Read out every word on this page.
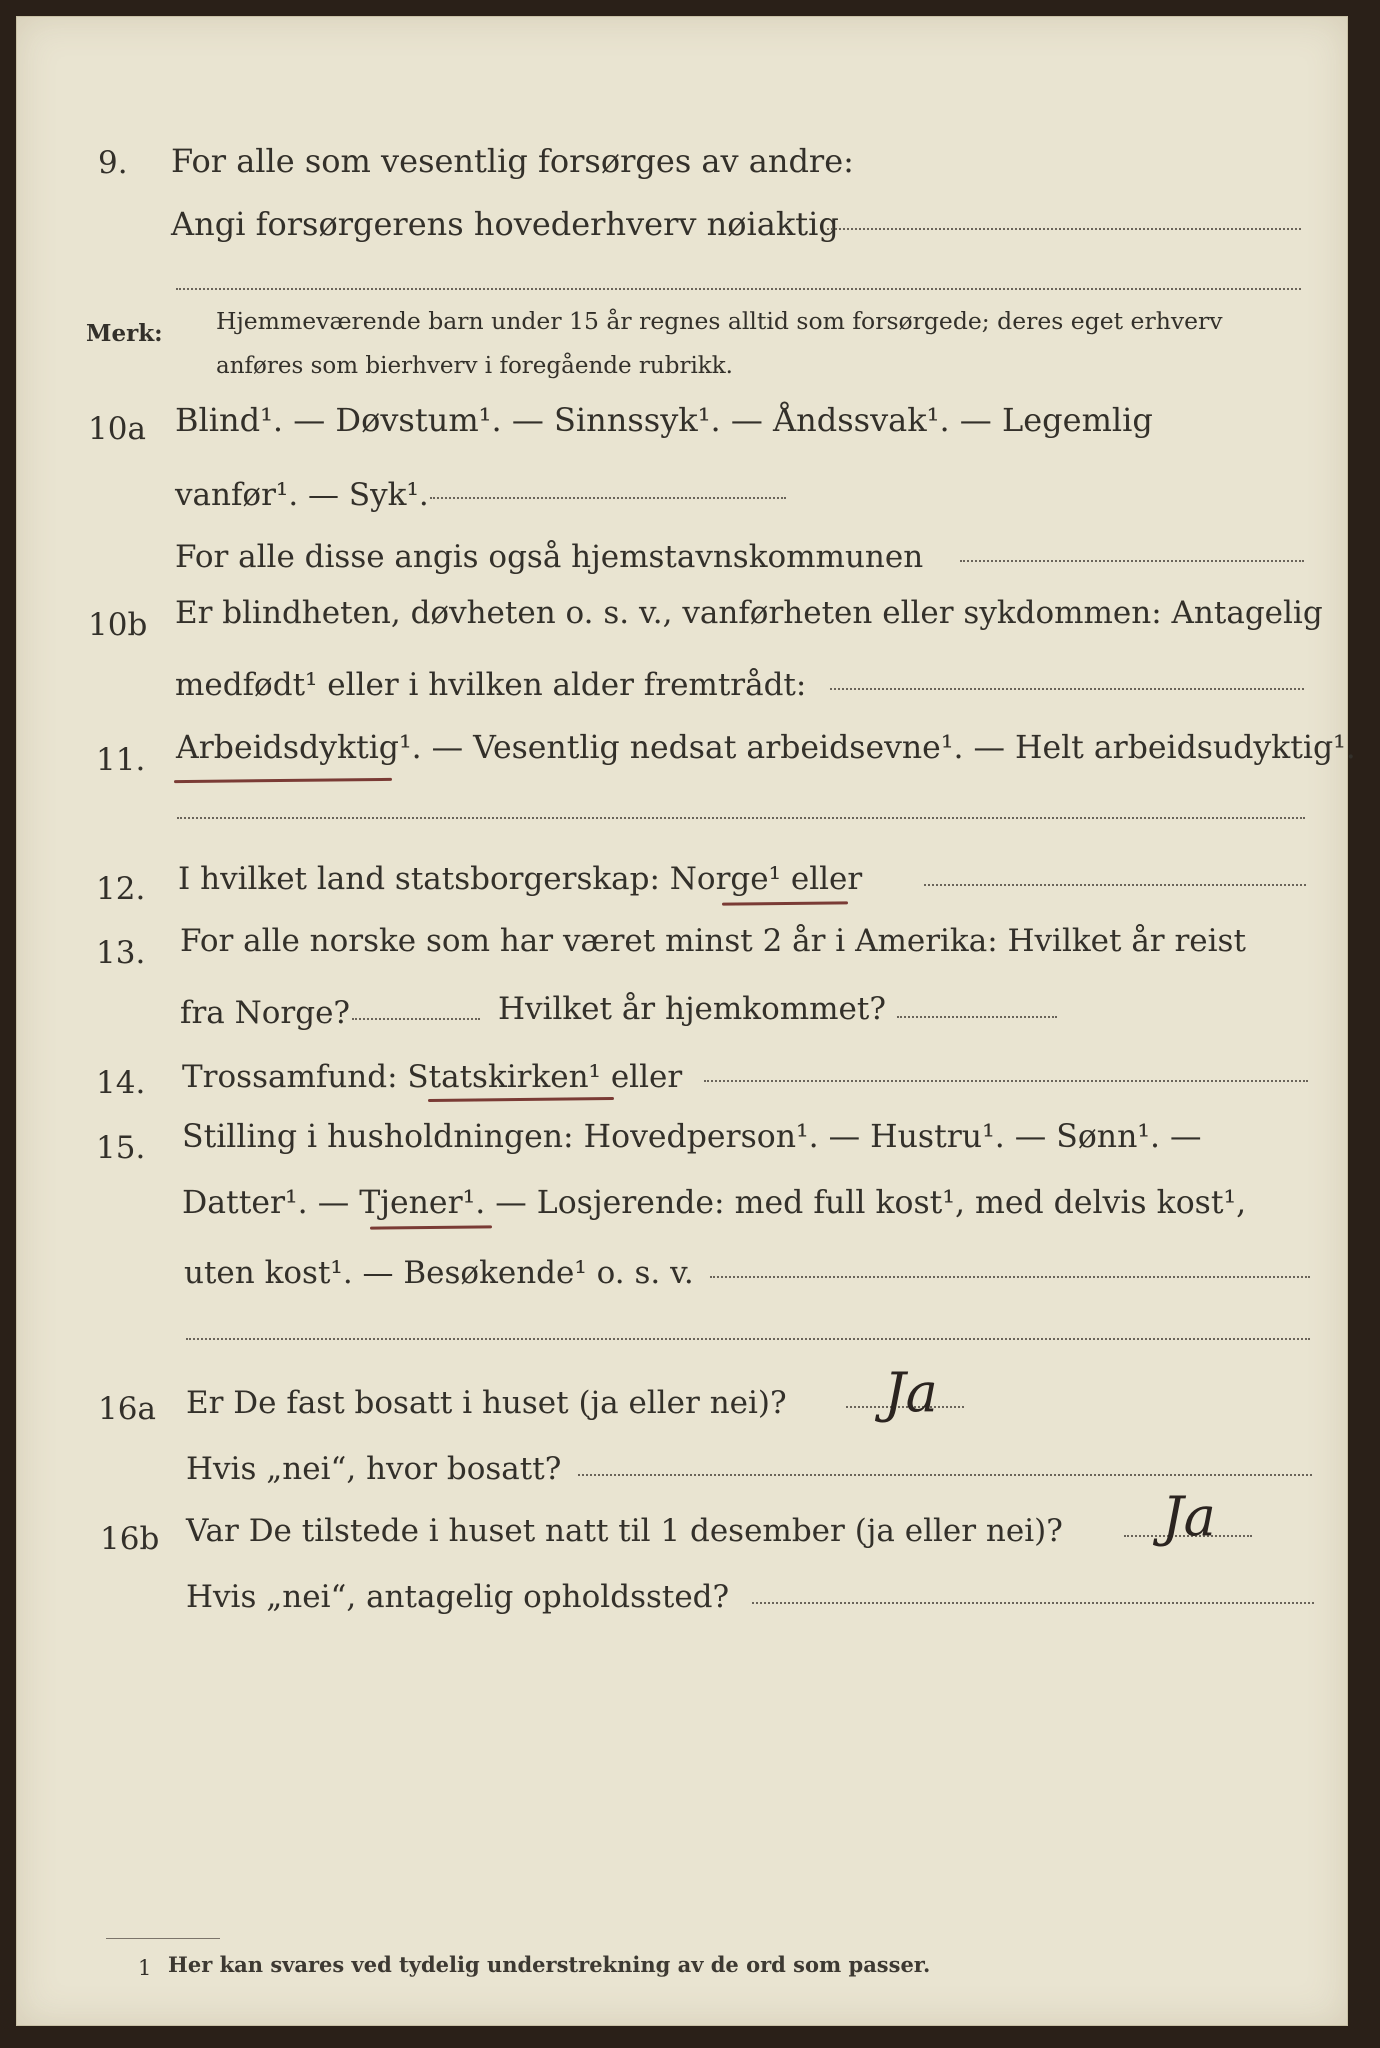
9. For alle som vesentlig forsørges av andre:
Angi forsørgerens hovederhverv nøiaktig
Merk: Hjemmeværende barn under 15 år regnes alltid som forsørgede; deres eget erhverv
anføres som bierhverv i foregående rubrikk.
10a Blind¹. — Døvstum¹. — Sinnssyk¹. — Åndssvak¹. — Legemlig
vanfør¹. — Syk¹.
For alle disse angis også hjemstavnskommunen
10b Er blindheten, døvheten o. s. v., vanførheten eller sykdommen: Antagelig
medfødt¹ eller i hvilken alder fremtrådt:
11. Arbeidsdyktig¹. — Vesentlig nedsat arbeidsevne¹. — Helt arbeidsudyktig¹.
12. I hvilket land statsborgerskap: Norge¹ eller
13. For alle norske som har været minst 2 år i Amerika: Hvilket år reist
fra Norge?	Hvilket år hjemkommet?
14. Trossamfund: Statskirken¹ eller
15. Stilling i husholdningen: Hovedperson¹. — Hustru¹. — Sønn¹. —
Datter¹. — Tjener¹. — Losjerende: med full kost¹, med delvis kost¹,
uten kost¹. — Besøkende¹ o. s. v.
16a Er De fast bosatt i huset (ja eller nei)? Ja
Hvis „nei“, hvor bosatt?
16b Var De tilstede i huset natt til 1 desember (ja eller nei)? Ja
Hvis „nei“, antagelig opholdssted?
1 Her kan svares ved tydelig understrekning av de ord som passer.
